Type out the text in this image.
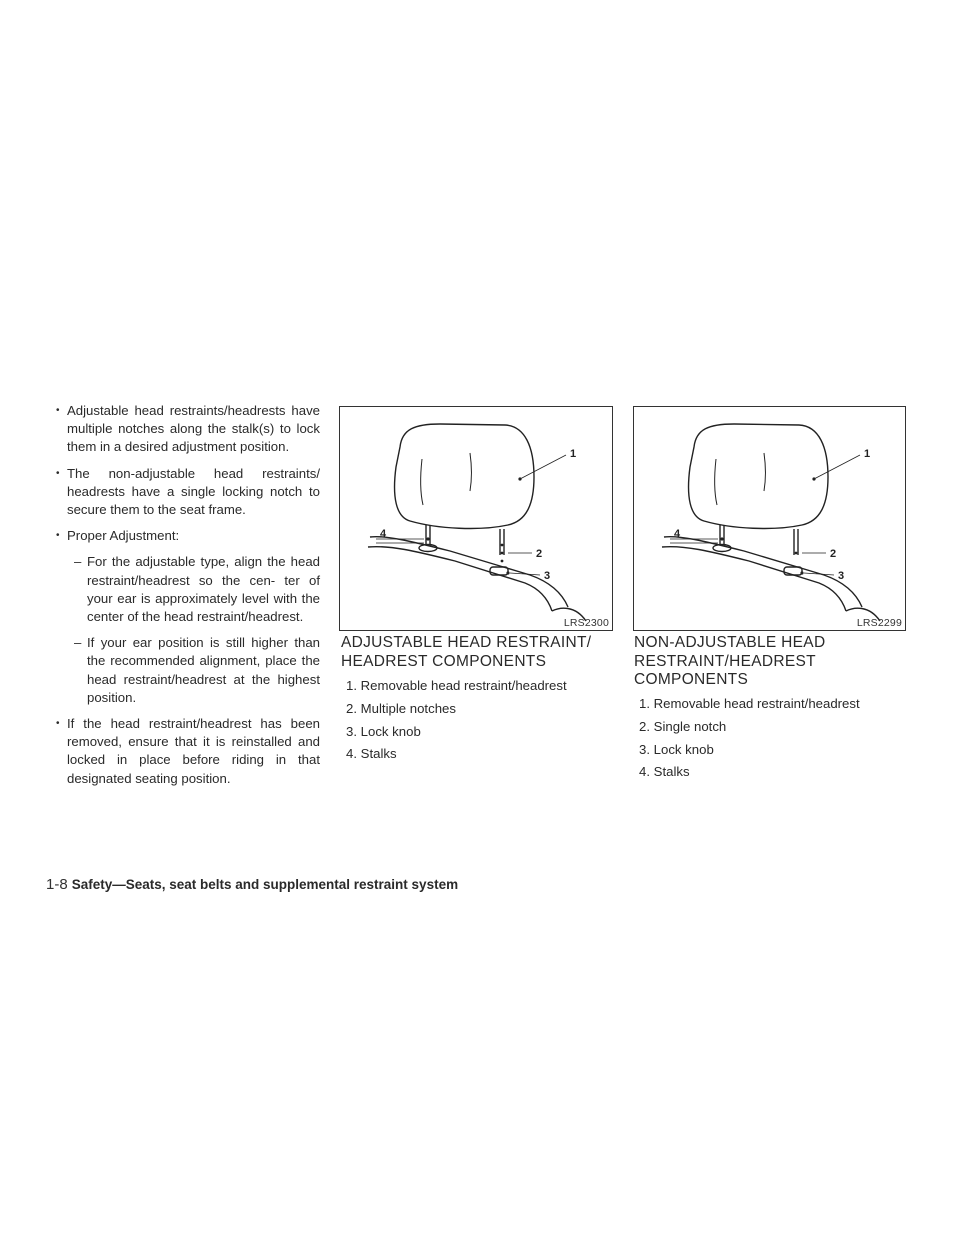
• Adjustable head restraints/headrests have multiple notches along the stalk(s) to lock them in a desired adjustment position.

• The non-adjustable head restraints/ headrests have a single locking notch to secure them to the seat frame.

• Proper Adjustment:

– For the adjustable type, align the head restraint/headrest so the cen- ter of your ear is approximately level with the center of the head restraint/headrest.

– If your ear position is still higher than the recommended alignment, place the head restraint/headrest at the highest position.

• If the head restraint/headrest has been removed, ensure that it is reinstalled and locked in place before riding in that designated seating position.

1
2
3
4
LRS2300
1
2
3
4
LRS2299
ADJUSTABLE HEAD RESTRAINT/
HEADREST COMPONENTS
NON-ADJUSTABLE HEAD
RESTRAINT/HEADREST
COMPONENTS
1. Removable head restraint/headrest
2. Multiple notches
3. Lock knob
4. Stalks
1. Removable head restraint/headrest
2. Single notch
3. Lock knob
4. Stalks
1-8 Safety—Seats, seat belts and supplemental restraint system
